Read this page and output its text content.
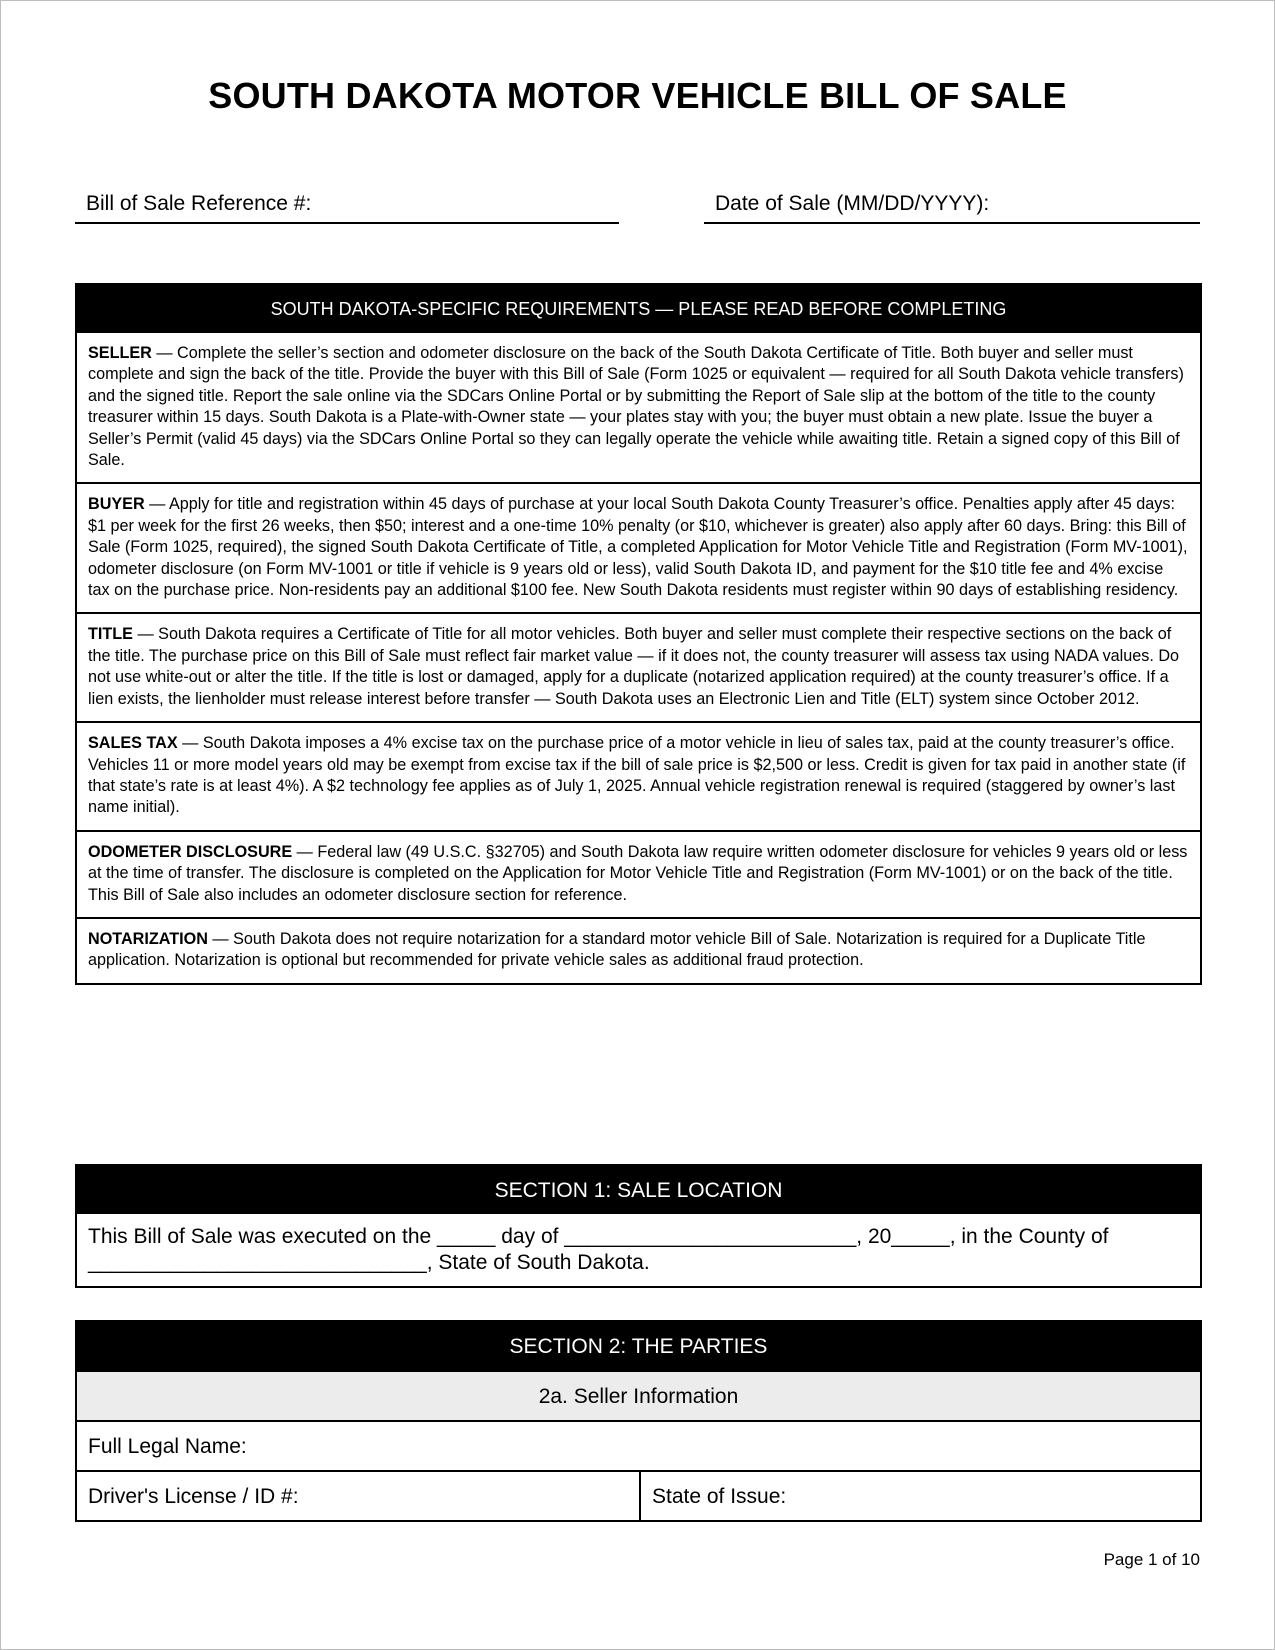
SOUTH DAKOTA MOTOR VEHICLE BILL OF SALE
Bill of Sale Reference #:	Date of Sale (MM/DD/YYYY):
SOUTH DAKOTA-SPECIFIC REQUIREMENTS — PLEASE READ BEFORE COMPLETING
SELLER — Complete the seller’s section and odometer disclosure on the back of the South Dakota Certificate of Title. Both buyer and seller must complete and sign the back of the title. Provide the buyer with this Bill of Sale (Form 1025 or equivalent — required for all South Dakota vehicle transfers) and the signed title. Report the sale online via the SDCars Online Portal or by submitting the Report of Sale slip at the bottom of the title to the county treasurer within 15 days. South Dakota is a Plate-with-Owner state — your plates stay with you; the buyer must obtain a new plate. Issue the buyer a Seller’s Permit (valid 45 days) via the SDCars Online Portal so they can legally operate the vehicle while awaiting title. Retain a signed copy of this Bill of Sale.
BUYER — Apply for title and registration within 45 days of purchase at your local South Dakota County Treasurer’s office. Penalties apply after 45 days: $1 per week for the first 26 weeks, then $50; interest and a one-time 10% penalty (or $10, whichever is greater) also apply after 60 days. Bring: this Bill of Sale (Form 1025, required), the signed South Dakota Certificate of Title, a completed Application for Motor Vehicle Title and Registration (Form MV-1001), odometer disclosure (on Form MV-1001 or title if vehicle is 9 years old or less), valid South Dakota ID, and payment for the $10 title fee and 4% excise tax on the purchase price. Non-residents pay an additional $100 fee. New South Dakota residents must register within 90 days of establishing residency.
TITLE — South Dakota requires a Certificate of Title for all motor vehicles. Both buyer and seller must complete their respective sections on the back of the title. The purchase price on this Bill of Sale must reflect fair market value — if it does not, the county treasurer will assess tax using NADA values. Do not use white-out or alter the title. If the title is lost or damaged, apply for a duplicate (notarized application required) at the county treasurer’s office. If a lien exists, the lienholder must release interest before transfer — South Dakota uses an Electronic Lien and Title (ELT) system since October 2012.
SALES TAX — South Dakota imposes a 4% excise tax on the purchase price of a motor vehicle in lieu of sales tax, paid at the county treasurer’s office. Vehicles 11 or more model years old may be exempt from excise tax if the bill of sale price is $2,500 or less. Credit is given for tax paid in another state (if that state’s rate is at least 4%). A $2 technology fee applies as of July 1, 2025. Annual vehicle registration renewal is required (staggered by owner’s last name initial).
ODOMETER DISCLOSURE — Federal law (49 U.S.C. §32705) and South Dakota law require written odometer disclosure for vehicles 9 years old or less at the time of transfer. The disclosure is completed on the Application for Motor Vehicle Title and Registration (Form MV-1001) or on the back of the title. This Bill of Sale also includes an odometer disclosure section for reference.
NOTARIZATION — South Dakota does not require notarization for a standard motor vehicle Bill of Sale. Notarization is required for a Duplicate Title application. Notarization is optional but recommended for private vehicle sales as additional fraud protection.
SECTION 1: SALE LOCATION
This Bill of Sale was executed on the _____ day of _________________________, 20_____, in the County of _____________________________, State of South Dakota.
SECTION 2: THE PARTIES
2a. Seller Information
Full Legal Name:
Driver's License / ID #:	State of Issue:
Page 1 of 10
